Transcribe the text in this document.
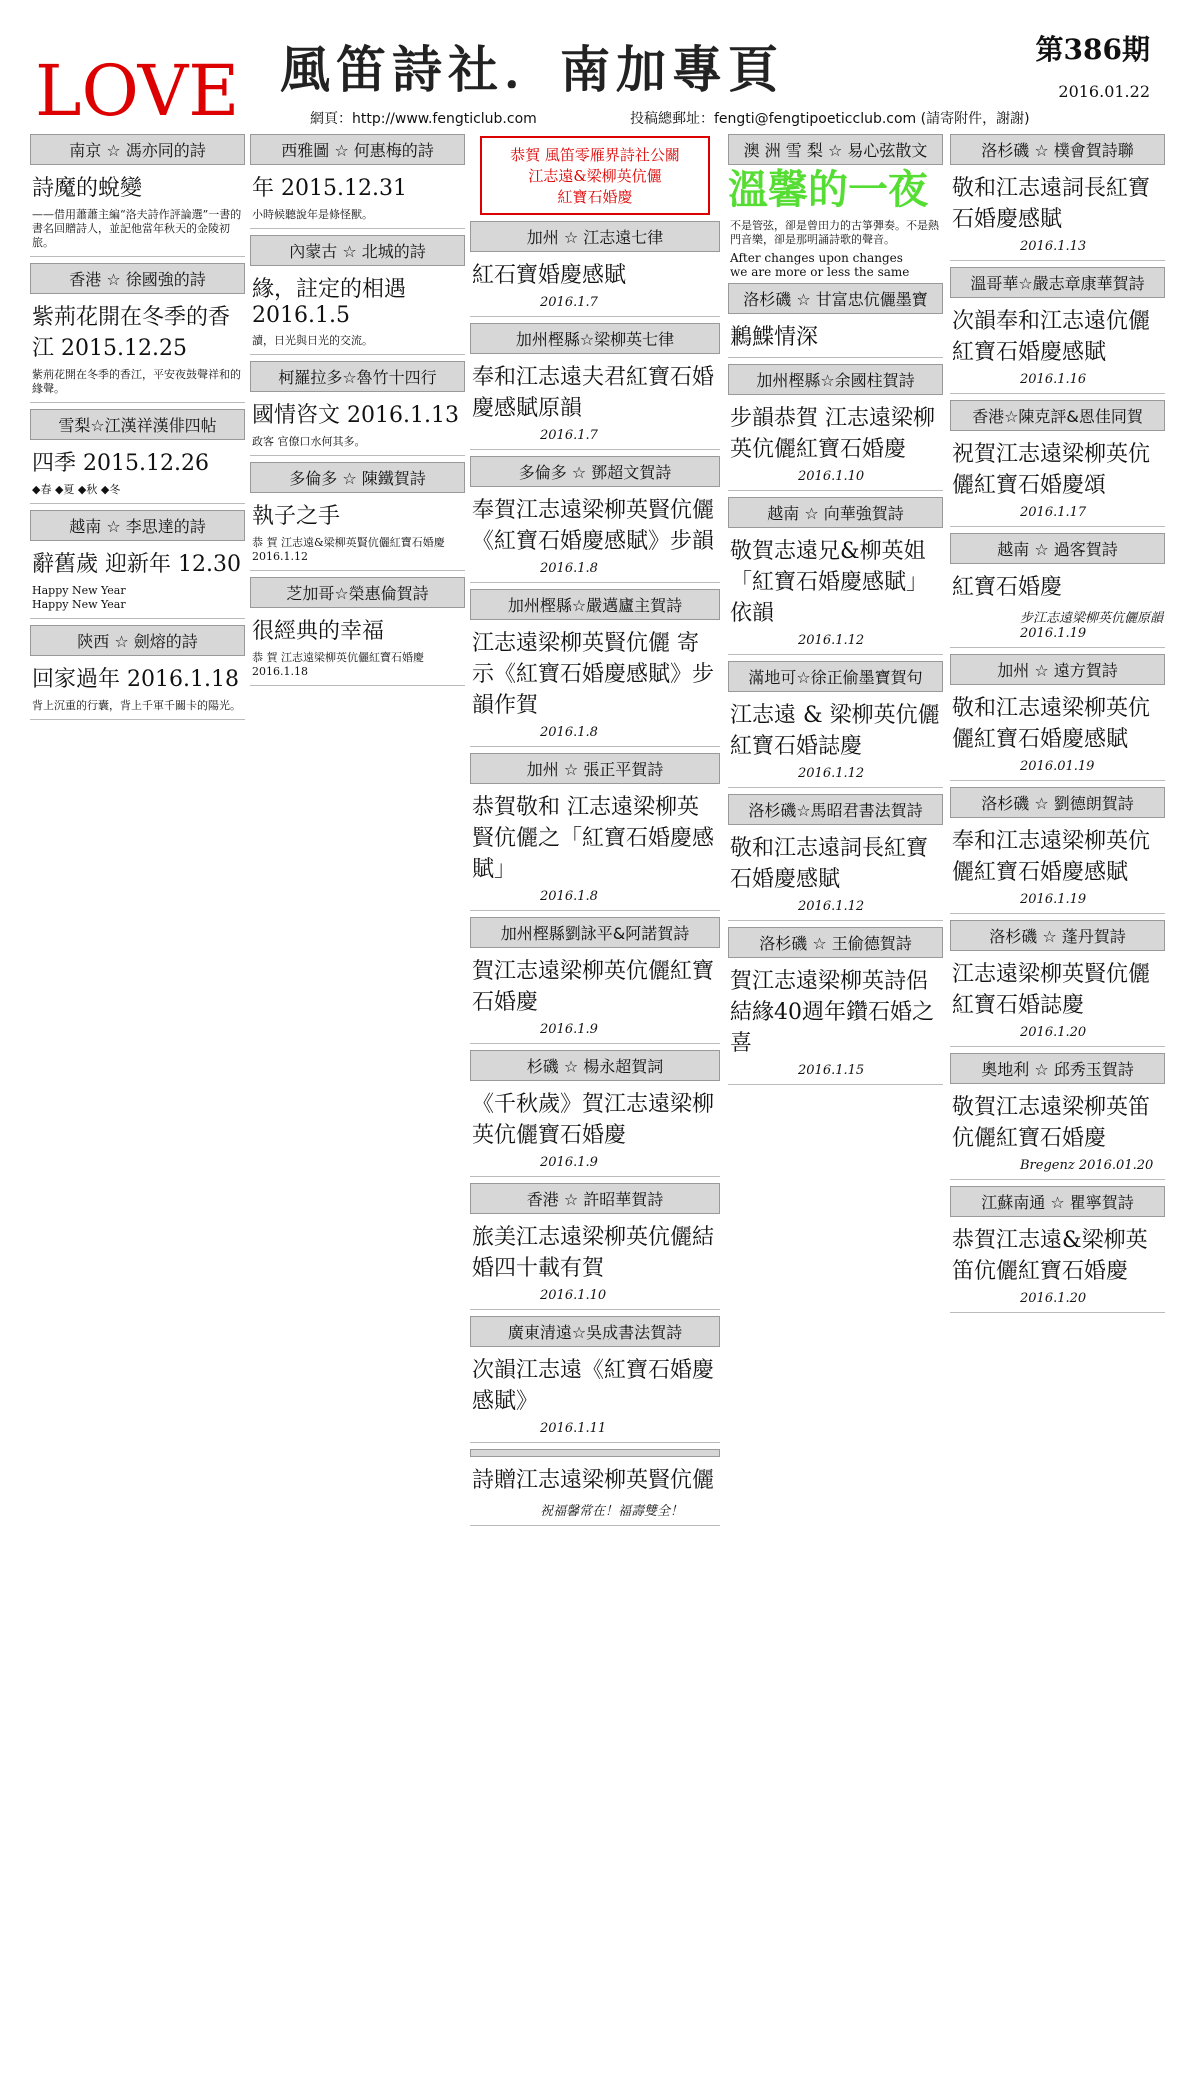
LOVE 風笛詩社．南加專頁	第386期
2016.01.22
網頁：http://www.fengticlub.com	投稿總郵址：fengti@fengtipoeticclub.com (請寄附件，謝謝)
南京 ☆ 馮亦同的詩
詩魔的蛻變
——借用蕭蕭主編“洛夫詩作評論選”一書的書名回贈詩人，並記他當年秋天的金陵初旅。
香港 ☆ 徐國強的詩
紫荊花開在冬季的香江 2015.12.25
紫荊花開在冬季的香江，平安夜鼓聲祥和的緣聲。
雪梨☆江漢祥漢俳四帖
四季 2015.12.26
◆春 ◆夏 ◆秋 ◆冬
越南 ☆ 李思達的詩
辭舊歲 迎新年 12.30
Happy New Year
Happy New Year
陝西 ☆ 劍熔的詩
回家過年 2016.1.18
背上沉重的行囊，背上千軍千關卡的陽光。
西雅圖 ☆ 何惠梅的詩
年 2015.12.31
小時候聽說年是條怪獸。
內蒙古 ☆ 北城的詩
緣，註定的相遇 2016.1.5
讀，日光與日光的交流。
柯羅拉多☆魯竹十四行
國情咨文 2016.1.13
政客 官僚口水何其多。
多倫多 ☆ 陳鐵賀詩
執子之手
恭 賀 江志遠&梁柳英賢伉儷紅寶石婚慶 2016.1.12
芝加哥☆榮惠倫賀詩
很經典的幸福
恭 賀 江志遠梁柳英伉儷紅寶石婚慶 2016.1.18
恭賀 風笛零雁界詩社公關
江志遠&梁柳英伉儷
紅寶石婚慶
加州 ☆ 江志遠七律
紅石寶婚慶感賦
2016.1.7
加州樫縣☆梁柳英七律
奉和江志遠夫君紅寶石婚慶感賦原韻
2016.1.7
多倫多 ☆ 鄧超文賀詩
奉賀江志遠梁柳英賢伉儷《紅寶石婚慶感賦》步韻
2016.1.8
加州樫縣☆嚴邁廬主賀詩
江志遠梁柳英賢伉儷 寄示《紅寶石婚慶感賦》步韻作賀
2016.1.8
加州 ☆ 張正平賀詩
恭賀敬和 江志遠梁柳英賢伉儷之「紅寶石婚慶感賦」
2016.1.8
加州樫縣劉詠平&阿諾賀詩
賀江志遠梁柳英伉儷紅寶石婚慶
2016.1.9
杉磯 ☆ 楊永超賀詞
《千秋歲》賀江志遠梁柳英伉儷寶石婚慶
2016.1.9
香港 ☆ 許昭華賀詩
旅美江志遠梁柳英伉儷結婚四十載有賀
2016.1.10
廣東清遠☆吳成書法賀詩
次韻江志遠《紅寶石婚慶感賦》
2016.1.11
詩贈江志遠梁柳英賢伉儷
祝福馨常在！福壽雙全！
澳 洲 雪 梨 ☆ 易心弦散文
溫馨的一夜
不是管弦，卻是曾田力的古箏彈奏。不是熱門音樂，卻是那明誦詩歌的聲音。
After changes upon changes
we are more or less the same
洛杉磯 ☆ 甘富忠伉儷墨寶
鶼鰈情深
加州樫縣☆余國柱賀詩
步韻恭賀 江志遠梁柳英伉儷紅寶石婚慶
2016.1.10
越南 ☆ 向華強賀詩
敬賀志遠兄&柳英姐「紅寶石婚慶感賦」依韻
2016.1.12
滿地可☆徐正偷墨寶賀句
江志遠 & 梁柳英伉儷紅寶石婚誌慶
2016.1.12
洛杉磯☆馬昭君書法賀詩
敬和江志遠詞長紅寶石婚慶感賦
2016.1.12
洛杉磯 ☆ 王偷德賀詩
賀江志遠梁柳英詩侶結緣40週年鑽石婚之喜
2016.1.15
洛杉磯 ☆ 樸會賀詩聯
敬和江志遠詞長紅寶石婚慶感賦
2016.1.13
溫哥華☆嚴志章康華賀詩
次韻奉和江志遠伉儷紅寶石婚慶感賦
2016.1.16
香港☆陳克評&恩佳同賀
祝賀江志遠梁柳英伉儷紅寶石婚慶頌
2016.1.17
越南 ☆ 過客賀詩
紅寶石婚慶
步江志遠梁柳英伉儷原韻 2016.1.19
加州 ☆ 遠方賀詩
敬和江志遠梁柳英伉儷紅寶石婚慶感賦
2016.01.19
洛杉磯 ☆ 劉德朗賀詩
奉和江志遠梁柳英伉儷紅寶石婚慶感賦
2016.1.19
洛杉磯 ☆ 蓬丹賀詩
江志遠梁柳英賢伉儷紅寶石婚誌慶
2016.1.20
奧地利 ☆ 邱秀玉賀詩
敬賀江志遠梁柳英笛伉儷紅寶石婚慶
Bregenz 2016.01.20
江蘇南通 ☆ 瞿寧賀詩
恭賀江志遠&梁柳英笛伉儷紅寶石婚慶
2016.1.20
